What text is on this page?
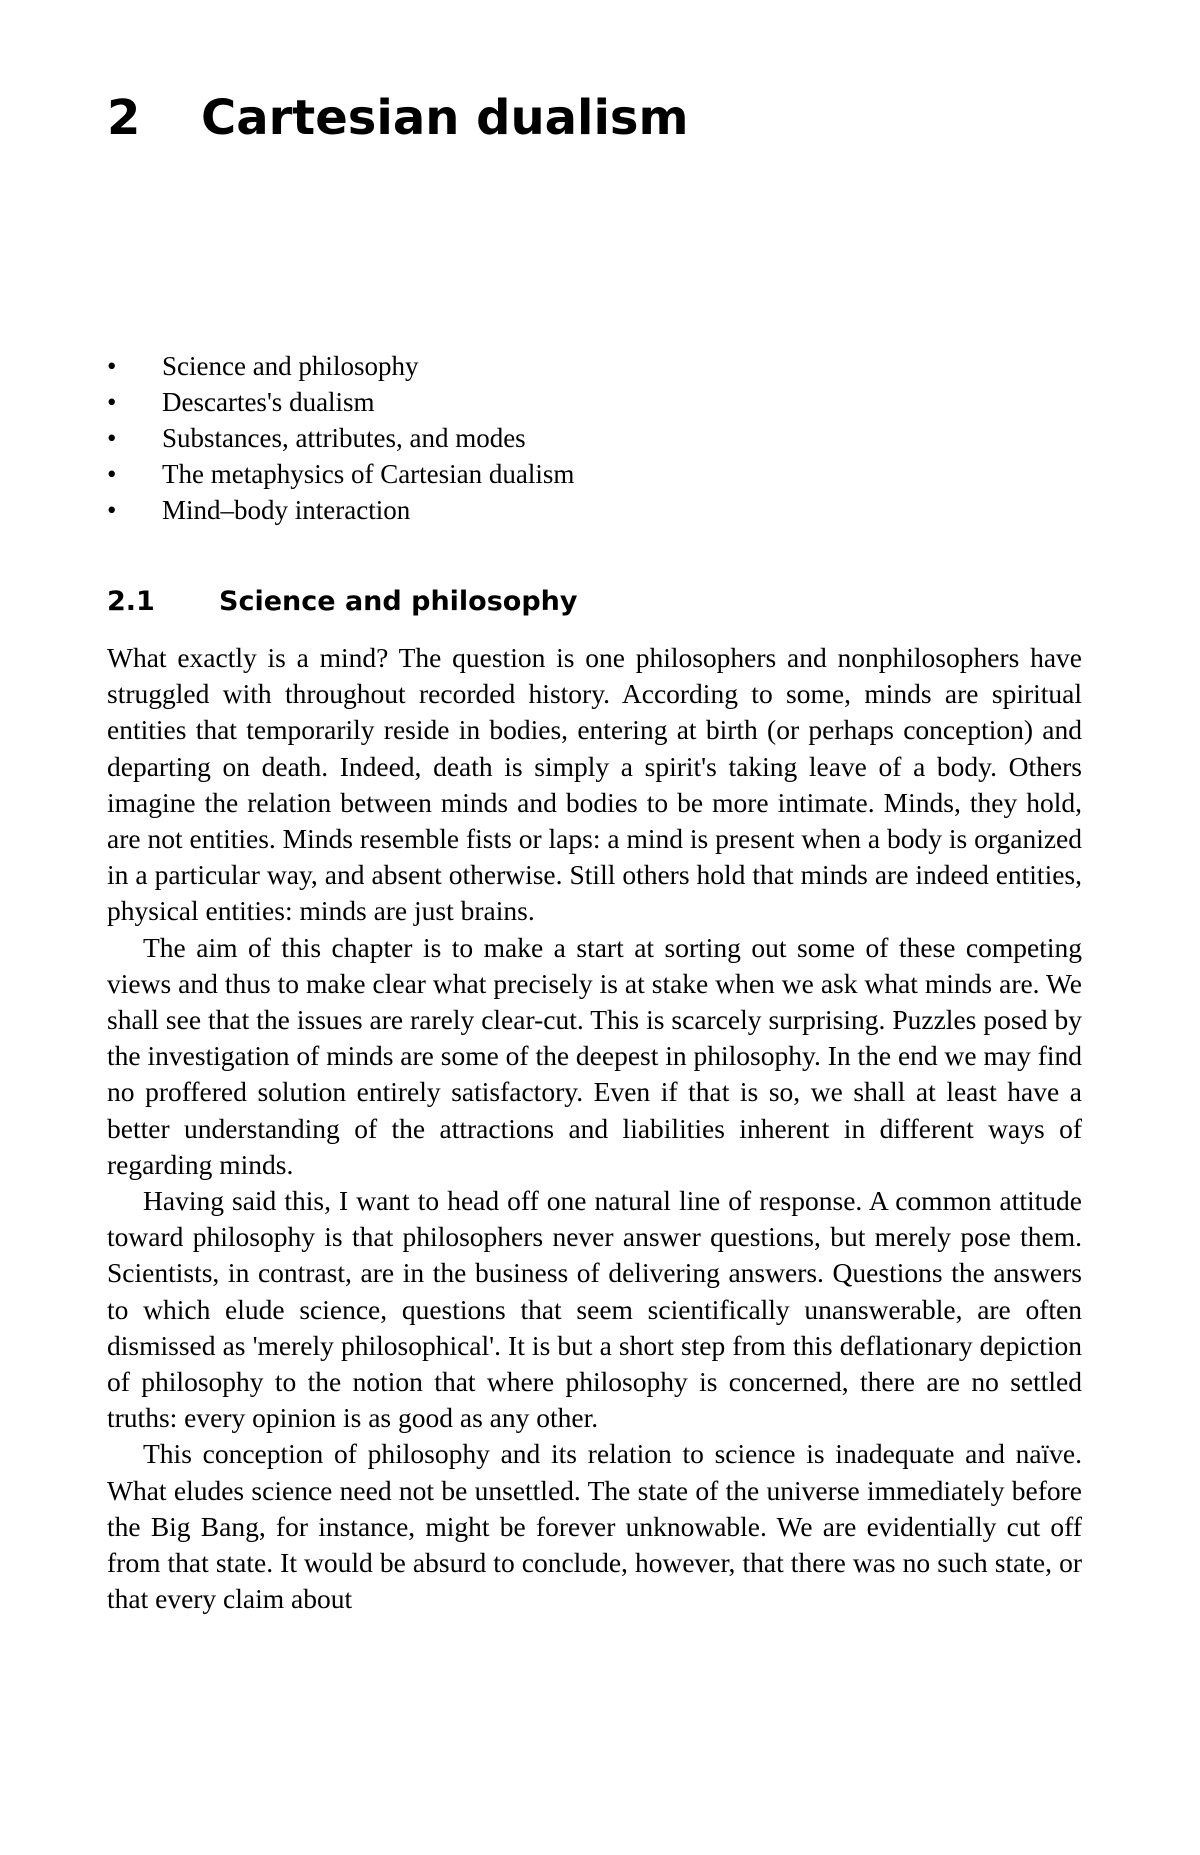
2 Cartesian dualism
• Science and philosophy
• Descartes's dualism
• Substances, attributes, and modes
• The metaphysics of Cartesian dualism
• Mind–body interaction
2.1 Science and philosophy

What exactly is a mind? The question is one philosophers and nonphilosophers have struggled with throughout recorded history. According to some, minds are spiritual entities that temporarily reside in bodies, entering at birth (or perhaps conception) and departing on death. Indeed, death is simply a spirit's taking leave of a body. Others imagine the relation between minds and bodies to be more intimate. Minds, they hold, are not entities. Minds resemble fists or laps: a mind is present when a body is organized in a particular way, and absent otherwise. Still others hold that minds are indeed entities, physical entities: minds are just brains.

The aim of this chapter is to make a start at sorting out some of these competing views and thus to make clear what precisely is at stake when we ask what minds are. We shall see that the issues are rarely clear-cut. This is scarcely surprising. Puzzles posed by the investigation of minds are some of the deepest in philosophy. In the end we may find no proffered solution entirely satisfactory. Even if that is so, we shall at least have a better understanding of the attractions and liabilities inherent in different ways of regarding minds.

Having said this, I want to head off one natural line of response. A common attitude toward philosophy is that philosophers never answer questions, but merely pose them. Scientists, in contrast, are in the business of delivering answers. Questions the answers to which elude science, questions that seem scientifically unanswerable, are often dismissed as 'merely philosophical'. It is but a short step from this deflationary depiction of philosophy to the notion that where philosophy is concerned, there are no settled truths: every opinion is as good as any other.

This conception of philosophy and its relation to science is inadequate and naïve. What eludes science need not be unsettled. The state of the universe immediately before the Big Bang, for instance, might be forever unknowable. We are evidentially cut off from that state. It would be absurd to conclude, however, that there was no such state, or that every claim about
